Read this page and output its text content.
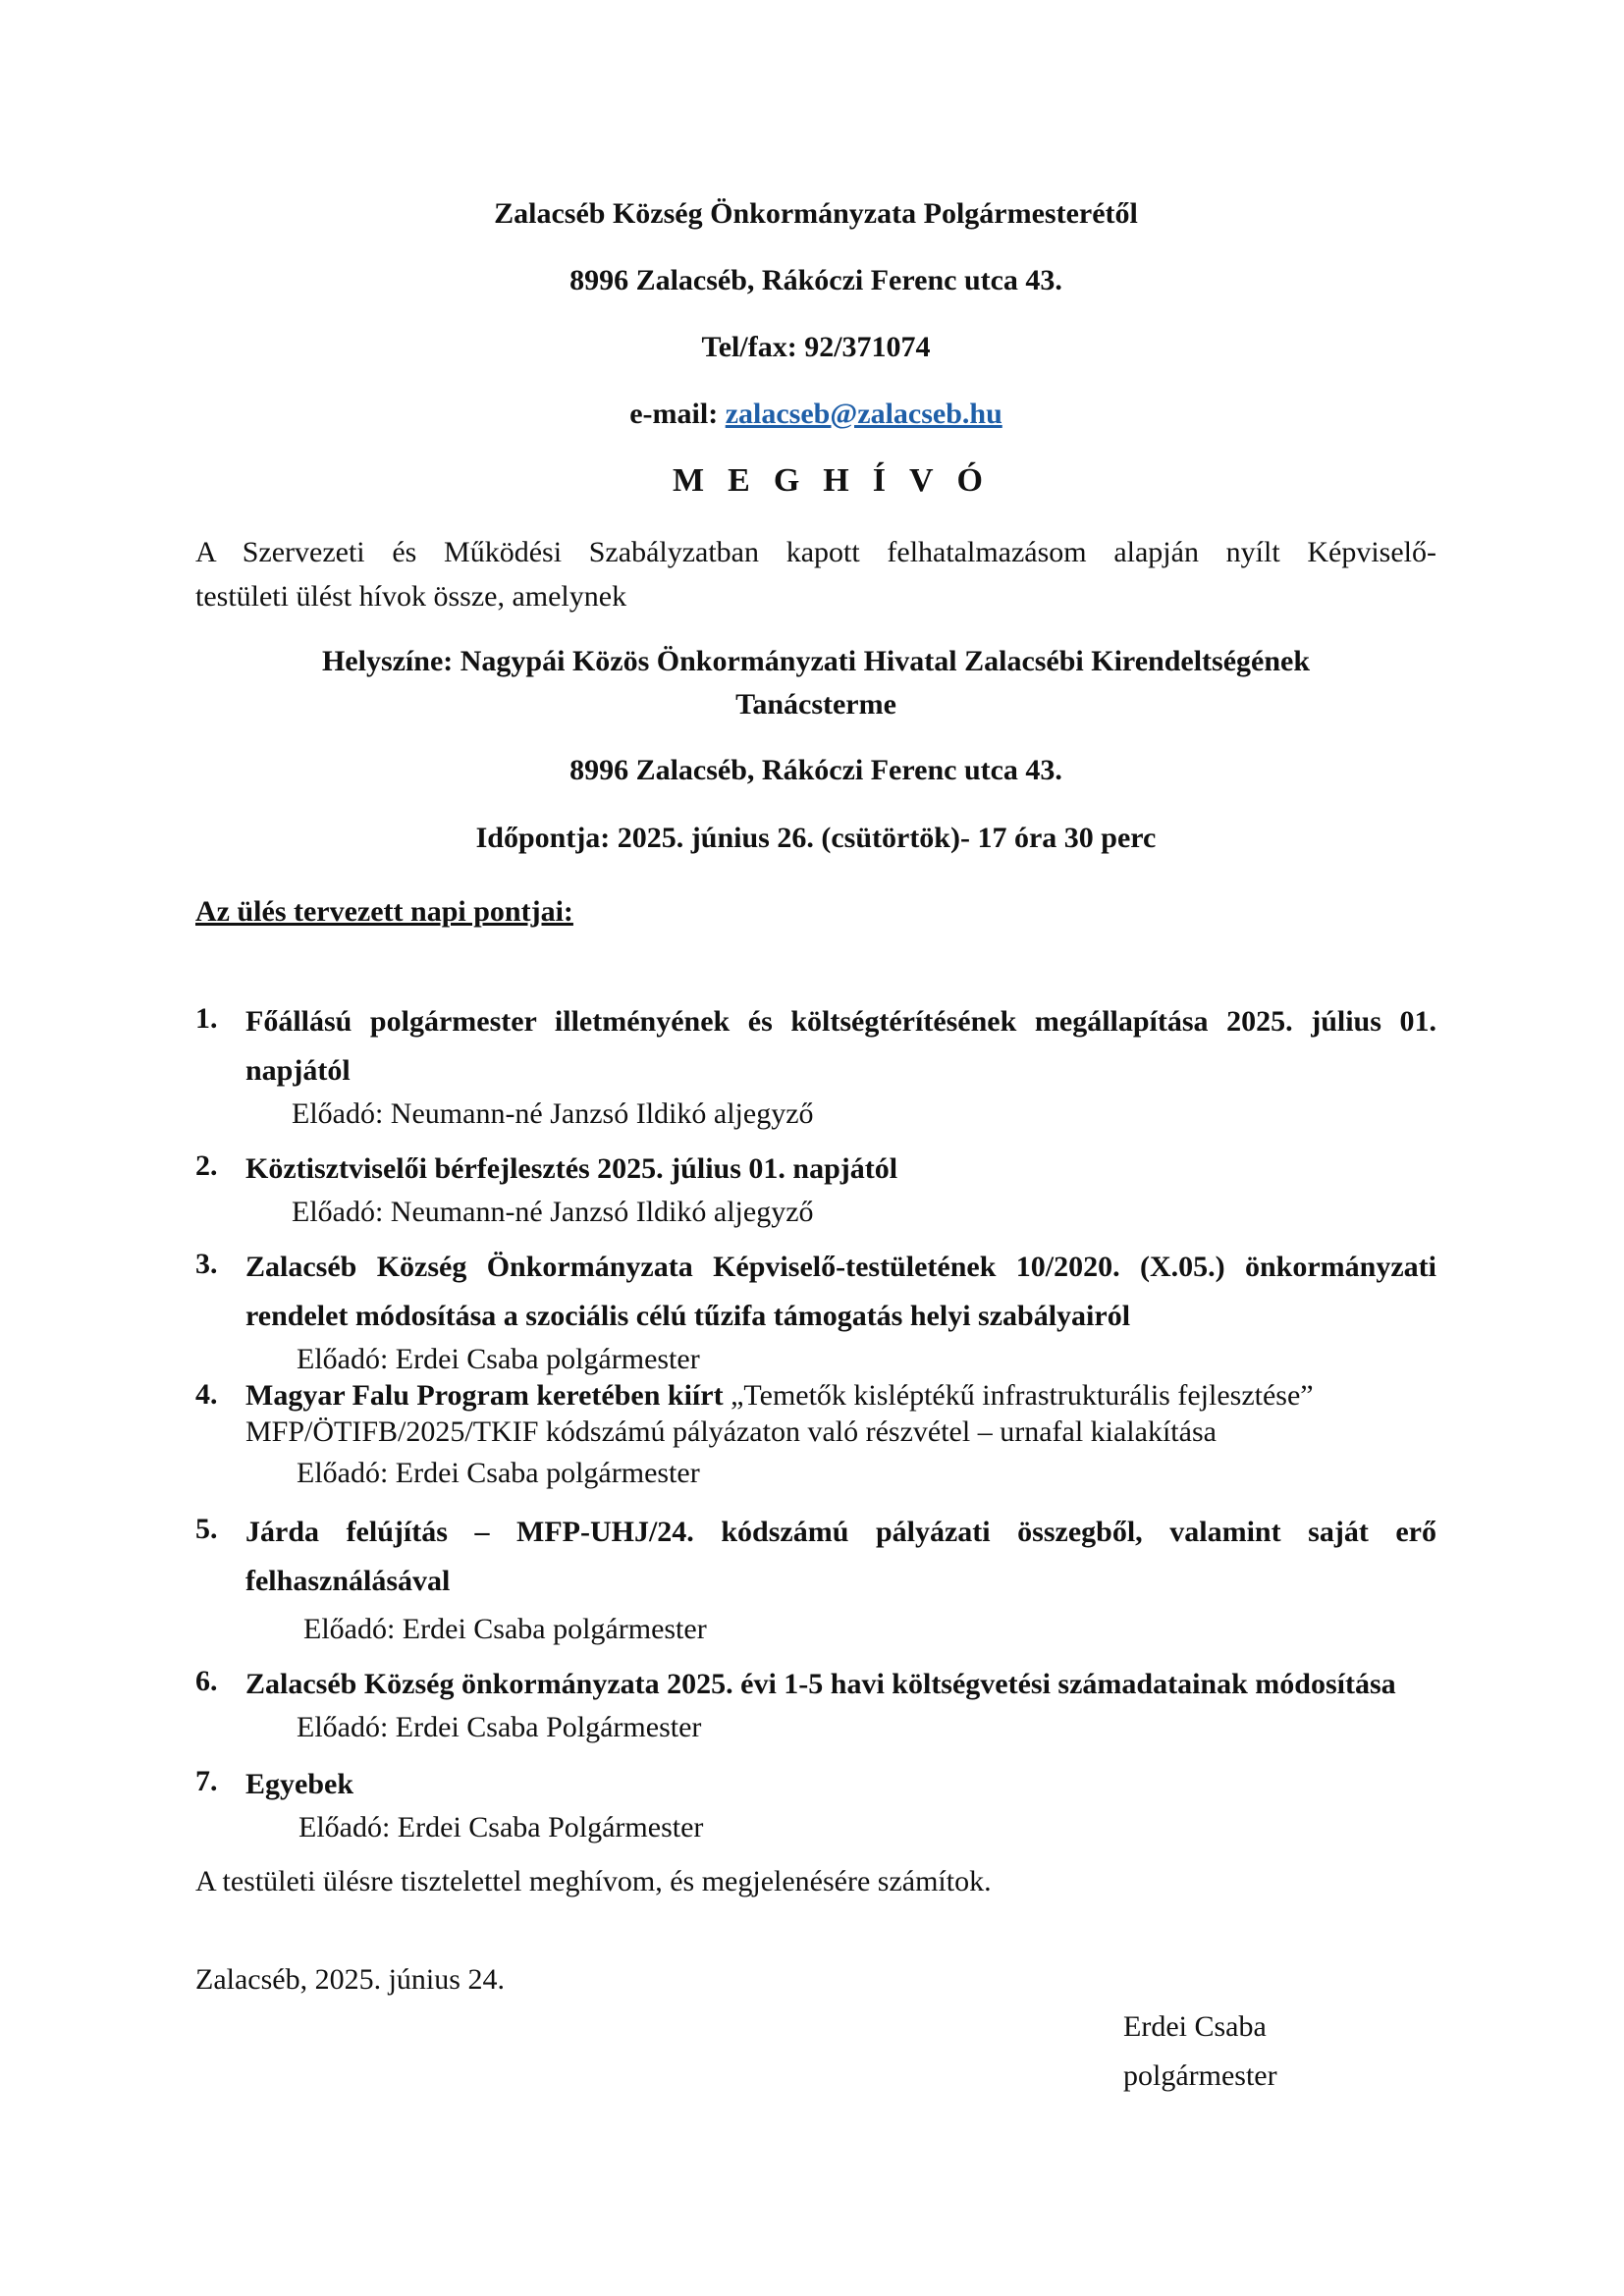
Zalacséb Község Önkormányzata Polgármesterétől

8996 Zalacséb, Rákóczi Ferenc utca 43.

Tel/fax: 92/371074

e-mail: zalacseb@zalacseb.hu

MEGHÍVÓ

A Szervezeti és Működési Szabályzatban kapott felhatalmazásom alapján nyílt Képviselő-
testületi ülést hívok össze, amelynek

Helyszíne: Nagypái Közös Önkormányzati Hivatal Zalacsébi Kirendeltségének

Tanácsterme

8996 Zalacséb, Rákóczi Ferenc utca 43.

Időpontja: 2025. június 26. (csütörtök)- 17 óra 30 perc

Az ülés tervezett napi pontjai:

1. Főállású polgármester illetményének és költségtérítésének megállapítása 2025. július 01.
napjától
Előadó: Neumann-né Janzsó Ildikó aljegyző
2. Köztisztviselői bérfejlesztés 2025. július 01. napjától
Előadó: Neumann-né Janzsó Ildikó aljegyző
3. Zalacséb Község Önkormányzata Képviselő-testületének 10/2020. (X.05.) önkormányzati
rendelet módosítása a szociális célú tűzifa támogatás helyi szabályairól
Előadó: Erdei Csaba polgármester
4. Magyar Falu Program keretében kiírt „Temetők kisléptékű infrastrukturális fejlesztése”
MFP/ÖTIFB/2025/TKIF kódszámú pályázaton való részvétel – urnafal kialakítása
Előadó: Erdei Csaba polgármester
5. Járda felújítás – MFP-UHJ/24. kódszámú pályázati összegből, valamint saját erő
felhasználásával
Előadó: Erdei Csaba polgármester
6. Zalacséb Község önkormányzata 2025. évi 1-5 havi költségvetési számadatainak módosítása
Előadó: Erdei Csaba Polgármester
7. Egyebek
Előadó: Erdei Csaba Polgármester

A testületi ülésre tisztelettel meghívom, és megjelenésére számítok.

Zalacséb, 2025. június 24.

Erdei Csaba

polgármester
